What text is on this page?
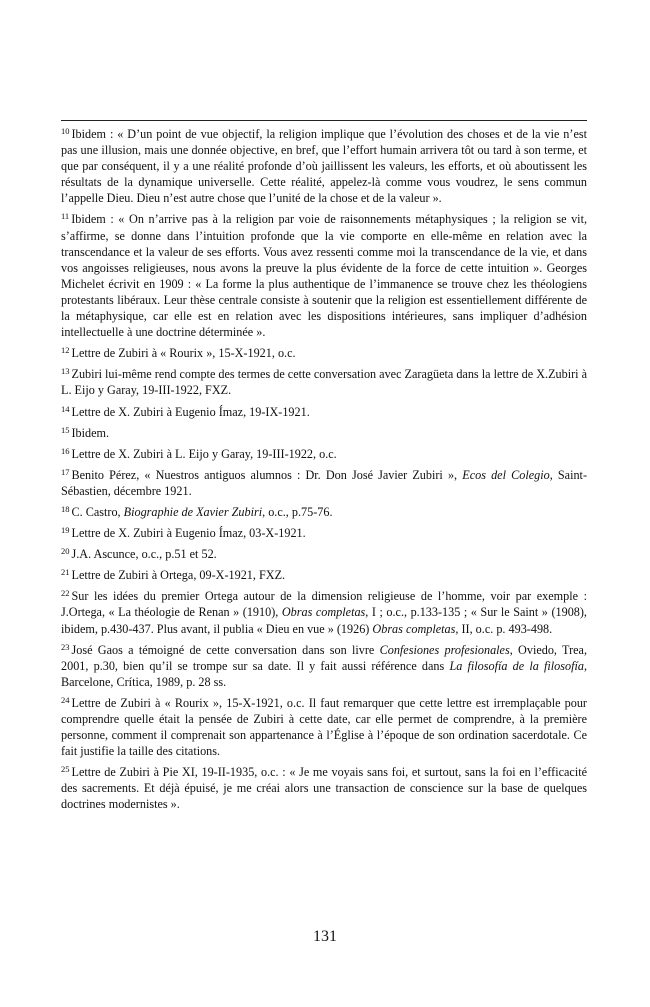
$^{10}$ Ibidem : « D’un point de vue objectif, la religion implique que l’évolution des choses et de la vie n’est pas une illusion, mais une donnée objective, en bref, que l’effort humain arrivera tôt ou tard à son terme, et que par conséquent, il y a une réalité profonde d’où jaillissent les valeurs, les efforts, et où aboutissent les résultats de la dynamique universelle. Cette réalité, appelez-là comme vous voudrez, le sens commun l’appelle Dieu. Dieu n’est autre chose que l’unité de la chose et de la valeur ».

$^{11}$ Ibidem : « On n’arrive pas à la religion par voie de raisonnements métaphysiques ; la religion se vit, s’affirme, se donne dans l’intuition profonde que la vie comporte en elle-même en relation avec la transcendance et la valeur de ses efforts. Vous avez ressenti comme moi la transcendance de la vie, et dans vos angoisses religieuses, nous avons la preuve la plus évidente de la force de cette intuition ». Georges Michelet écrivit en 1909 : « La forme la plus authentique de l’immanence se trouve chez les théologiens protestants libéraux. Leur thèse centrale consiste à soutenir que la religion est essentiellement différente de la métaphysique, car elle est en relation avec les dispositions intérieures, sans impliquer d’adhésion intellectuelle à une doctrine déterminée ».

$^{12}$ Lettre de Zubiri à « Rourix », 15-X-1921, o.c.

$^{13}$ Zubiri lui-même rend compte des termes de cette conversation avec Zaragüeta dans la lettre de X.Zubiri à L. Eijo y Garay, 19-III-1922, FXZ.

$^{14}$ Lettre de X. Zubiri à Eugenio Ímaz, 19-IX-1921.

$^{15}$ Ibidem.

$^{16}$ Lettre de X. Zubiri à L. Eijo y Garay, 19-III-1922, o.c.

$^{17}$ Benito Pérez, « Nuestros antiguos alumnos : Dr. Don José Javier Zubiri », Ecos del Colegio, Saint-Sébastien, décembre 1921.

$^{18}$ C. Castro, Biographie de Xavier Zubiri, o.c., p.75-76.

$^{19}$ Lettre de X. Zubiri à Eugenio Ímaz, 03-X-1921.

$^{20}$ J.A. Ascunce, o.c., p.51 et 52.

$^{21}$ Lettre de Zubiri à Ortega, 09-X-1921, FXZ.

$^{22}$ Sur les idées du premier Ortega autour de la dimension religieuse de l’homme, voir par exemple : J.Ortega, « La théologie de Renan » (1910), Obras completas, I ; o.c., p.133-135 ; « Sur le Saint » (1908), ibidem, p.430-437. Plus avant, il publia « Dieu en vue » (1926) Obras completas, II, o.c. p. 493-498.

$^{23}$ José Gaos a témoigné de cette conversation dans son livre Confesiones profesionales, Oviedo, Trea, 2001, p.30, bien qu’il se trompe sur sa date. Il y fait aussi référence dans La filosofía de la filosofía, Barcelone, Crítica, 1989, p. 28 ss.

$^{24}$ Lettre de Zubiri à « Rourix », 15-X-1921, o.c. Il faut remarquer que cette lettre est irremplaçable pour comprendre quelle était la pensée de Zubiri à cette date, car elle permet de comprendre, à la première personne, comment il comprenait son appartenance à l’Église à l’époque de son ordination sacerdotale. Ce fait justifie la taille des citations.

$^{25}$ Lettre de Zubiri à Pie XI, 19-II-1935, o.c. : « Je me voyais sans foi, et surtout, sans la foi en l’efficacité des sacrements. Et déjà épuisé, je me créai alors une transaction de conscience sur la base de quelques doctrines modernistes ».

131
